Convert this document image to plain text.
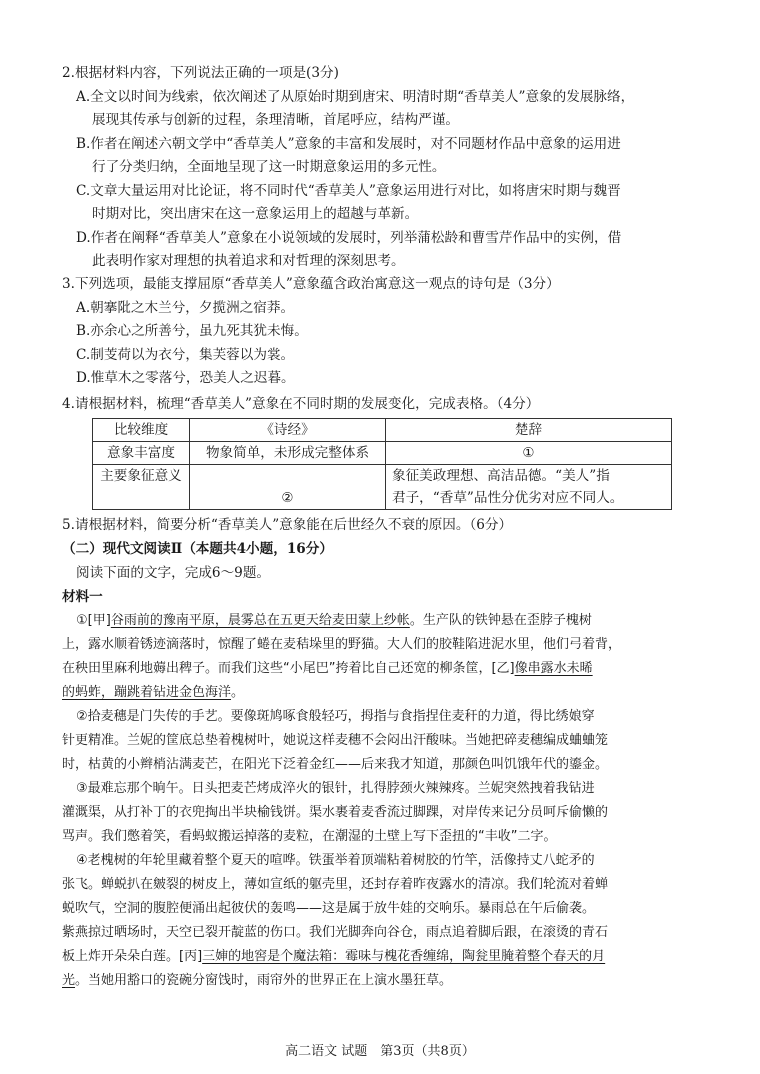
2.根据材料内容，下列说法正确的一项是(3分)
A.全文以时间为线索，依次阐述了从原始时期到唐宋、明清时期“香草美人”意象的发展脉络，
展现其传承与创新的过程，条理清晰，首尾呼应，结构严谨。
B.作者在阐述六朝文学中“香草美人”意象的丰富和发展时，对不同题材作品中意象的运用进
行了分类归纳，全面地呈现了这一时期意象运用的多元性。
C.文章大量运用对比论证，将不同时代“香草美人”意象运用进行对比，如将唐宋时期与魏晋
时期对比，突出唐宋在这一意象运用上的超越与革新。
D.作者在阐释“香草美人”意象在小说领域的发展时，列举蒲松龄和曹雪芹作品中的实例，借
此表明作家对理想的执着追求和对哲理的深刻思考。
3.下列选项，最能支撑屈原“香草美人”意象蕴含政治寓意这一观点的诗句是（3分）
A.朝搴阰之木兰兮，夕揽洲之宿莽。
B.亦余心之所善兮，虽九死其犹未悔。
C.制芰荷以为衣兮，集芙蓉以为裳。
D.惟草木之零落兮，恐美人之迟暮。
4.请根据材料，梳理“香草美人”意象在不同时期的发展变化，完成表格。（4分）
比较维度	《诗经》	楚辞
意象丰富度	物象简单，未形成完整体系	①
主要象征意义	②	象征美政理想、高洁品德。“美人”指
君子，“香草”品性分优劣对应不同人。
5.请根据材料，简要分析“香草美人”意象能在后世经久不衰的原因。（6分）
（二）现代文阅读Ⅱ（本题共4小题，16分）
阅读下面的文字，完成6～9题。
材料一
①[甲]谷雨前的豫南平原，晨雾总在五更天给麦田蒙上纱帐。生产队的铁钟悬在歪脖子槐树
上，露水顺着锈迹滴落时，惊醒了蜷在麦秸垛里的野猫。大人们的胶鞋陷进泥水里，他们弓着背，
在秧田里麻利地薅出稗子。而我们这些“小尾巴”挎着比自己还宽的柳条筐，[乙]像串露水未晞
的蚂蚱，蹦跳着钻进金色海洋。
②拾麦穗是门失传的手艺。要像斑鸠啄食般轻巧，拇指与食指捏住麦秆的力道，得比绣娘穿
针更精准。兰妮的筐底总垫着槐树叶，她说这样麦穗不会闷出汗酸味。当她把碎麦穗编成蛐蛐笼
时，枯黄的小辫梢沾满麦芒，在阳光下泛着金红——后来我才知道，那颜色叫饥饿年代的鎏金。
③最难忘那个晌午。日头把麦芒烤成淬火的银针，扎得脖颈火辣辣疼。兰妮突然拽着我钻进
灌溉渠，从打补丁的衣兜掏出半块榆钱饼。渠水裹着麦香流过脚踝，对岸传来记分员呵斥偷懒的
骂声。我们憋着笑，看蚂蚁搬运掉落的麦粒，在潮湿的土壁上写下歪扭的“丰收”二字。
④老槐树的年轮里藏着整个夏天的喧哗。铁蛋举着顶端粘着树胶的竹竿，活像持丈八蛇矛的
张飞。蝉蜕扒在皴裂的树皮上，薄如宣纸的躯壳里，还封存着昨夜露水的清凉。我们轮流对着蝉
蜕吹气，空洞的腹腔便涌出起彼伏的轰鸣——这是属于放牛娃的交响乐。暴雨总在午后偷袭。
紫燕掠过晒场时，天空已裂开靛蓝的伤口。我们光脚奔向谷仓，雨点追着脚后跟，在滚烫的青石
板上炸开朵朵白莲。[丙]三婶的地窖是个魔法箱：霉味与槐花香缠绵，陶瓮里腌着整个春天的月
光。当她用豁口的瓷碗分窗饯时，雨帘外的世界正在上演水墨狂草。
高二语文 试题　第3页（共8页）
